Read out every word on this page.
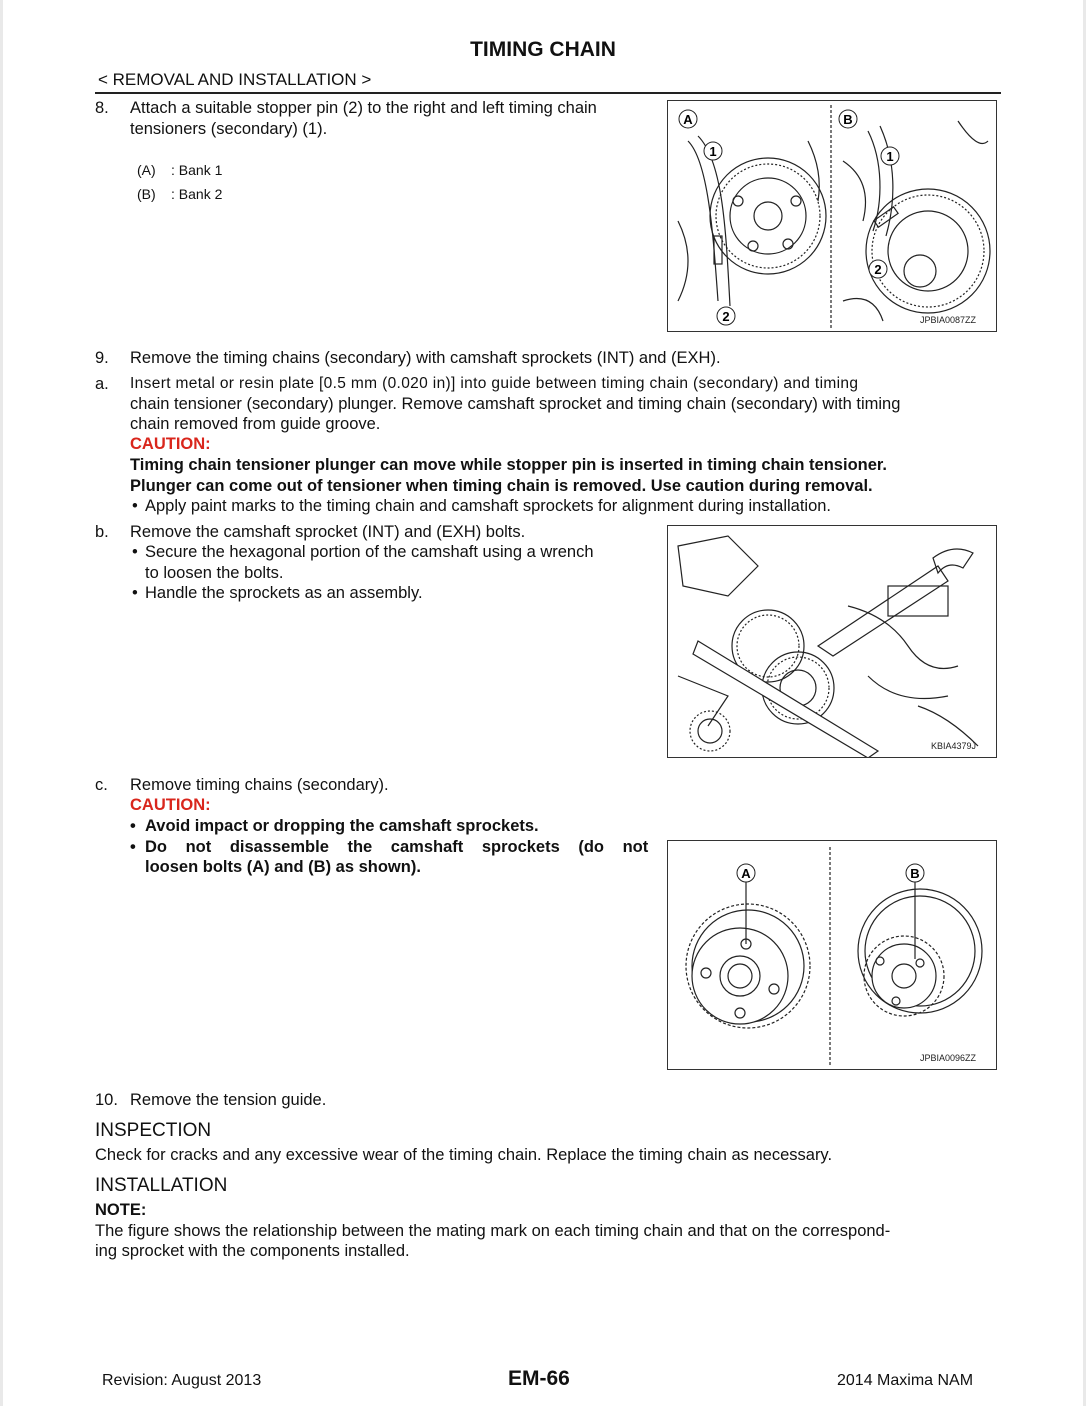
TIMING CHAIN
< REMOVAL AND INSTALLATION >
8. Attach a suitable stopper pin (2) to the right and left timing chain
tensioners (secondary) (1).
(A) : Bank 1
(B) : Bank 2
A	B
1	1
2
2
JPBIA0087ZZ
9. Remove the timing chains (secondary) with camshaft sprockets (INT) and (EXH).
a. Insert metal or resin plate [0.5 mm (0.020 in)] into guide between timing chain (secondary) and timing
chain tensioner (secondary) plunger. Remove camshaft sprocket and timing chain (secondary) with timing
chain removed from guide groove.
CAUTION:
Timing chain tensioner plunger can move while stopper pin is inserted in timing chain tensioner.
Plunger can come out of tensioner when timing chain is removed. Use caution during removal.
• Apply paint marks to the timing chain and camshaft sprockets for alignment during installation.
b. Remove the camshaft sprocket (INT) and (EXH) bolts.
• Secure the hexagonal portion of the camshaft using a wrench
to loosen the bolts.
• Handle the sprockets as an assembly.
KBIA4379J
c. Remove timing chains (secondary).
CAUTION:
• Avoid impact or dropping the camshaft sprockets.
• Do not disassemble the camshaft sprockets (do not
loosen bolts (A) and (B) as shown).	A	B
JPBIA0096ZZ
10. Remove the tension guide.
INSPECTION
Check for cracks and any excessive wear of the timing chain. Replace the timing chain as necessary.
INSTALLATION
NOTE:
The figure shows the relationship between the mating mark on each timing chain and that on the correspond-
ing sprocket with the components installed.
Revision: August 2013	EM-66	2014 Maxima NAM
